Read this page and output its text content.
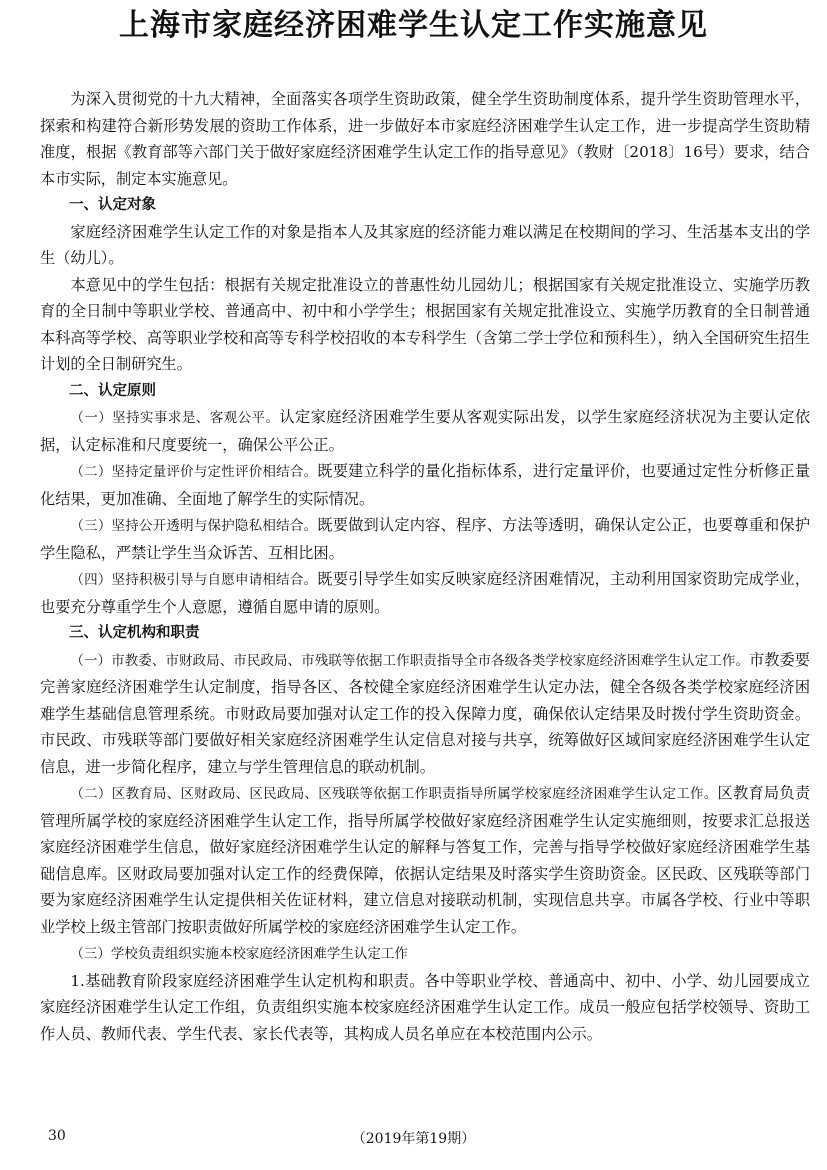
上海市家庭经济困难学生认定工作实施意见

为深入贯彻党的十九大精神，全面落实各项学生资助政策，健全学生资助制度体系，提升学生资助管理水平，探索和构建符合新形势发展的资助工作体系，进一步做好本市家庭经济困难学生认定工作，进一步提高学生资助精准度，根据《教育部等六部门关于做好家庭经济困难学生认定工作的指导意见》（教财〔2018〕16号）要求，结合本市实际，制定本实施意见。

一、认定对象

家庭经济困难学生认定工作的对象是指本人及其家庭的经济能力难以满足在校期间的学习、生活基本支出的学生（幼儿）。

本意见中的学生包括：根据有关规定批准设立的普惠性幼儿园幼儿；根据国家有关规定批准设立、实施学历教育的全日制中等职业学校、普通高中、初中和小学学生；根据国家有关规定批准设立、实施学历教育的全日制普通本科高等学校、高等职业学校和高等专科学校招收的本专科学生（含第二学士学位和预科生），纳入全国研究生招生计划的全日制研究生。

二、认定原则

（一）坚持实事求是、客观公平。认定家庭经济困难学生要从客观实际出发，以学生家庭经济状况为主要认定依据，认定标准和尺度要统一，确保公平公正。

（二）坚持定量评价与定性评价相结合。既要建立科学的量化指标体系，进行定量评价，也要通过定性分析修正量化结果，更加准确、全面地了解学生的实际情况。

（三）坚持公开透明与保护隐私相结合。既要做到认定内容、程序、方法等透明，确保认定公正，也要尊重和保护学生隐私，严禁让学生当众诉苦、互相比困。

（四）坚持积极引导与自愿申请相结合。既要引导学生如实反映家庭经济困难情况，主动利用国家资助完成学业，也要充分尊重学生个人意愿，遵循自愿申请的原则。

三、认定机构和职责

（一）市教委、市财政局、市民政局、市残联等依据工作职责指导全市各级各类学校家庭经济困难学生认定工作。市教委要完善家庭经济困难学生认定制度，指导各区、各校健全家庭经济困难学生认定办法，健全各级各类学校家庭经济困难学生基础信息管理系统。市财政局要加强对认定工作的投入保障力度，确保依认定结果及时拨付学生资助资金。市民政、市残联等部门要做好相关家庭经济困难学生认定信息对接与共享，统筹做好区域间家庭经济困难学生认定信息，进一步简化程序，建立与学生管理信息的联动机制。

（二）区教育局、区财政局、区民政局、区残联等依据工作职责指导所属学校家庭经济困难学生认定工作。区教育局负责管理所属学校的家庭经济困难学生认定工作，指导所属学校做好家庭经济困难学生认定实施细则，按要求汇总报送家庭经济困难学生信息，做好家庭经济困难学生认定的解释与答复工作，完善与指导学校做好家庭经济困难学生基础信息库。区财政局要加强对认定工作的经费保障，依据认定结果及时落实学生资助资金。区民政、区残联等部门要为家庭经济困难学生认定提供相关佐证材料，建立信息对接联动机制，实现信息共享。市属各学校、行业中等职业学校上级主管部门按职责做好所属学校的家庭经济困难学生认定工作。

（三）学校负责组织实施本校家庭经济困难学生认定工作

1.基础教育阶段家庭经济困难学生认定机构和职责。各中等职业学校、普通高中、初中、小学、幼儿园要成立家庭经济困难学生认定工作组，负责组织实施本校家庭经济困难学生认定工作。成员一般应包括学校领导、资助工作人员、教师代表、学生代表、家长代表等，其构成人员名单应在本校范围内公示。

30	（2019年第19期）
